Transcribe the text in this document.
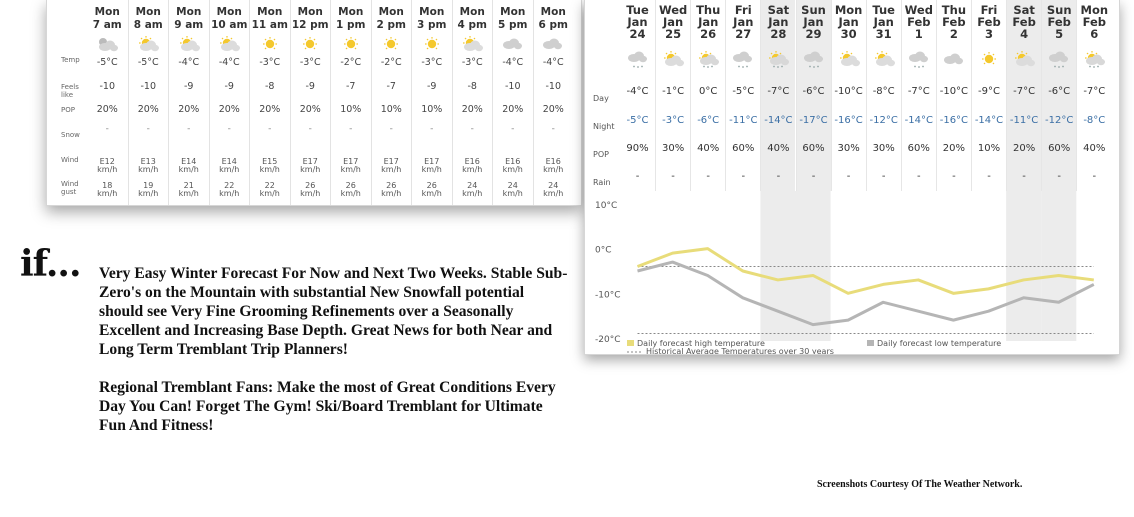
Temp
Feels like
POP
Snow
Wind
Wind gust
Mon
7 am
-5°C
-10
20%
-
E12
km/h
18
km/h
Mon
8 am
-5°C
-10
20%
-
E13
km/h
19
km/h
Mon
9 am
-4°C
-9
20%
-
E14
km/h
21
km/h
Mon
10 am
-4°C
-9
20%
-
E14
km/h
22
km/h
Mon
11 am
-3°C
-8
20%
-
E15
km/h
22
km/h
Mon
12 pm
-3°C
-9
20%
-
E17
km/h
26
km/h
Mon
1 pm
-2°C
-7
10%
-
E17
km/h
26
km/h
Mon
2 pm
-2°C
-7
10%
-
E17
km/h
26
km/h
Mon
3 pm
-3°C
-9
10%
-
E17
km/h
26
km/h
Mon
4 pm
-3°C
-8
20%
-
E16
km/h
24
km/h
Mon
5 pm
-4°C
-10
20%
-
E16
km/h
24
km/h
Mon
6 pm
-4°C
-10
20%
-
E16
km/h
24
km/h
10°C
0°C
-10°C
-20°C Daily forecast high temperature	Daily forecast low temperature
Historical Average Temperatures over 30 years
Day
Night
POP
Rain
Tue
Jan
24
-4°C
-5°C
90%
-
Wed
Jan
25
-1°C
-3°C
30%
-
Thu
Jan
26
0°C
-6°C
40%
-
Fri
Jan
27
-5°C
-11°C
60%
-
Sat
Jan
28
-7°C
-14°C
40%
-
Sun
Jan
29
-6°C
-17°C
60%
-
Mon
Jan
30
-10°C
-16°C
30%
-
Tue
Jan
31
-8°C
-12°C
30%
-
Wed
Feb
1
-7°C
-14°C
60%
-
Thu
Feb
2
-10°C
-16°C
20%
-
Fri
Feb
3
-9°C
-14°C
10%
-
Sat
Feb
4
-7°C
-11°C
20%
-
Sun
Feb
5
-6°C
-12°C
60%
-
Mon
Feb
6
-7°C
-8°C
40%
-
if... Very Easy Winter Forecast For Now and Next Two Weeks. Stable Sub-Zero's on the Mountain with substantial New Snowfall potential should see Very Fine Grooming Refinements over a Seasonally Excellent and Increasing Base Depth. Great News for both Near and Long Term Tremblant Trip Planners!
Regional Tremblant Fans: Make the most of Great Conditions Every Day You Can! Forget The Gym! Ski/Board Tremblant for Ultimate Fun And Fitness!
Screenshots Courtesy Of The Weather Network.
